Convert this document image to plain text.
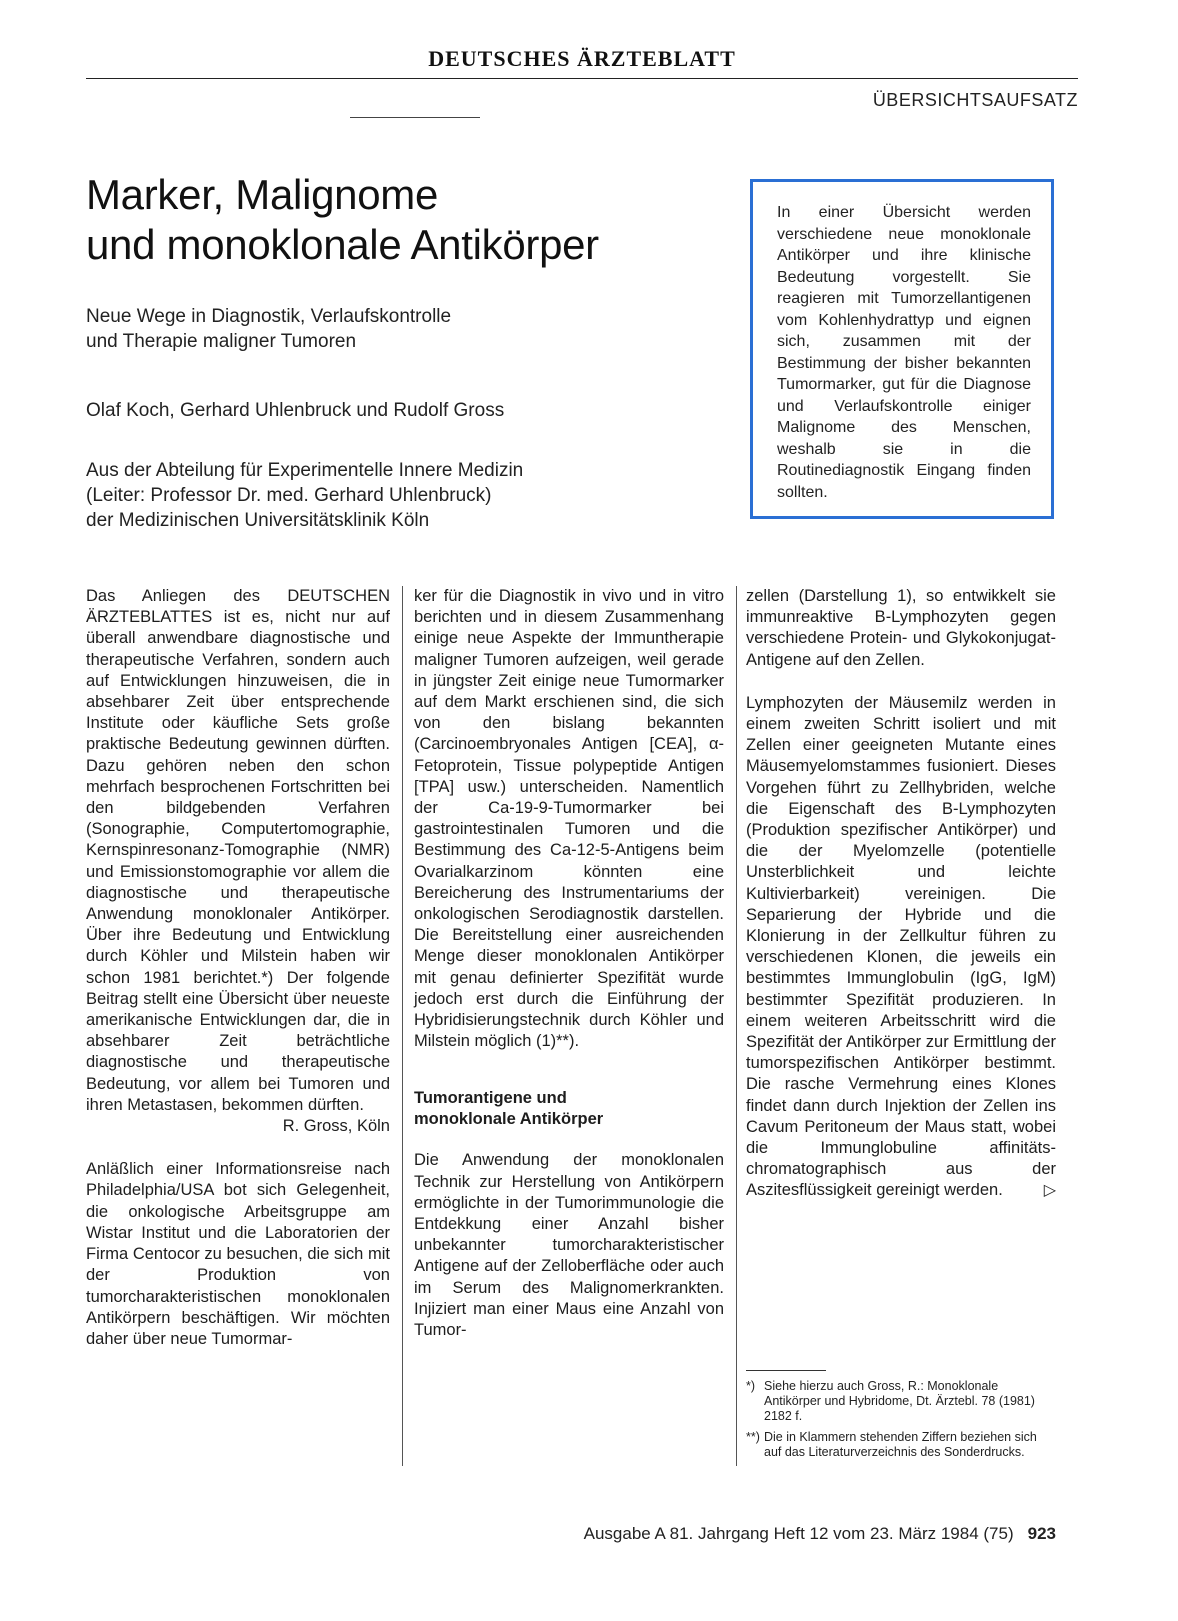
DEUTSCHES ÄRZTEBLATT
ÜBERSICHTSAUFSATZ
Marker, Malignome
und monoklonale Antikörper
Neue Wege in Diagnostik, Verlaufskontrolle
und Therapie maligner Tumoren
Olaf Koch, Gerhard Uhlenbruck und Rudolf Gross
Aus der Abteilung für Experimentelle Innere Medizin
(Leiter: Professor Dr. med. Gerhard Uhlenbruck)
der Medizinischen Universitätsklinik Köln
In einer Übersicht werden verschiedene neue monoklonale Antikörper und ihre klinische Bedeutung vorgestellt. Sie reagieren mit Tumorzellantigenen vom Kohlenhydrattyp und eignen sich, zusammen mit der Bestimmung der bisher bekannten Tumormarker, gut für die Diagnose und Verlaufskontrolle einiger Malignome des Menschen, weshalb sie in die Routinediagnostik Eingang finden sollten.

Das Anliegen des DEUTSCHEN ÄRZTEBLATTES ist es, nicht nur auf überall anwendbare diagnostische und therapeutische Verfahren, sondern auch auf Entwicklungen hinzuweisen, die in absehbarer Zeit über entsprechende Institute oder käufliche Sets große praktische Bedeutung gewinnen dürften. Dazu gehören neben den schon mehrfach besprochenen Fortschritten bei den bildgebenden Verfahren (Sonographie, Computertomographie, Kernspinresonanz-Tomographie (NMR) und Emissionstomographie vor allem die diagnostische und therapeutische Anwendung monoklonaler Antikörper. Über ihre Bedeutung und Entwicklung durch Köhler und Milstein haben wir schon 1981 berichtet.*) Der folgende Beitrag stellt eine Übersicht über neueste amerikanische Entwicklungen dar, die in absehbarer Zeit beträchtliche diagnostische und therapeutische Bedeutung, vor allem bei Tumoren und ihren Metastasen, bekommen dürften.

R. Gross, Köln

Anläßlich einer Informationsreise nach Philadelphia/USA bot sich Gelegenheit, die onkologische Arbeitsgruppe am Wistar Institut und die Laboratorien der Firma Centocor zu besuchen, die sich mit der Produktion von tumorcharakteristischen monoklonalen Antikörpern beschäftigen. Wir möchten daher über neue Tumormar-

ker für die Diagnostik in vivo und in vitro berichten und in diesem Zusammenhang einige neue Aspekte der Immuntherapie maligner Tumoren aufzeigen, weil gerade in jüngster Zeit einige neue Tumormarker auf dem Markt erschienen sind, die sich von den bislang bekannten (Carcinoembryonales Antigen [CEA], α-Fetoprotein, Tissue polypeptide Antigen [TPA] usw.) unterscheiden. Namentlich der Ca-19-9-Tumormarker bei gastrointestinalen Tumoren und die Bestimmung des Ca-12-5-Antigens beim Ovarialkarzinom könnten eine Bereicherung des Instrumentariums der onkologischen Serodiagnostik darstellen. Die Bereitstellung einer ausreichenden Menge dieser monoklonalen Antikörper mit genau definierter Spezifität wurde jedoch erst durch die Einführung der Hybridisierungstechnik durch Köhler und Milstein möglich (1)**).

Tumorantigene und
monoklonale Antikörper

Die Anwendung der monoklonalen Technik zur Herstellung von Antikörpern ermöglichte in der Tumorimmunologie die Entdekkung einer Anzahl bisher unbekannter tumorcharakteristischer Antigene auf der Zelloberfläche oder auch im Serum des Malignomerkrankten. Injiziert man einer Maus eine Anzahl von Tumor-

zellen (Darstellung 1), so entwikkelt sie immunreaktive B-Lymphozyten gegen verschiedene Protein- und Glykokonjugat-Antigene auf den Zellen.

Lymphozyten der Mäusemilz werden in einem zweiten Schritt isoliert und mit Zellen einer geeigneten Mutante eines Mäusemyelomstammes fusioniert. Dieses Vorgehen führt zu Zellhybriden, welche die Eigenschaft des B-Lymphozyten (Produktion spezifischer Antikörper) und die der Myelomzelle (potentielle Unsterblichkeit und leichte Kultivierbarkeit) vereinigen. Die Separierung der Hybride und die Klonierung in der Zellkultur führen zu verschiedenen Klonen, die jeweils ein bestimmtes Immunglobulin (IgG, IgM) bestimmter Spezifität produzieren. In einem weiteren Arbeitsschritt wird die Spezifität der Antikörper zur Ermittlung der tumorspezifischen Antikörper bestimmt. Die rasche Vermehrung eines Klones findet dann durch Injektion der Zellen ins Cavum Peritoneum der Maus statt, wobei die Immunglobuline affinitäts-chromatographisch aus der Aszitesflüssigkeit gereinigt werden.	▷

*) Siehe hierzu auch Gross, R.: Monoklonale Antikörper und Hybridome, Dt. Ärztebl. 78 (1981) 2182 f.
**) Die in Klammern stehenden Ziffern beziehen sich auf das Literaturverzeichnis des Sonderdrucks.
Ausgabe A 81. Jahrgang Heft 12 vom 23. März 1984 (75) 923
